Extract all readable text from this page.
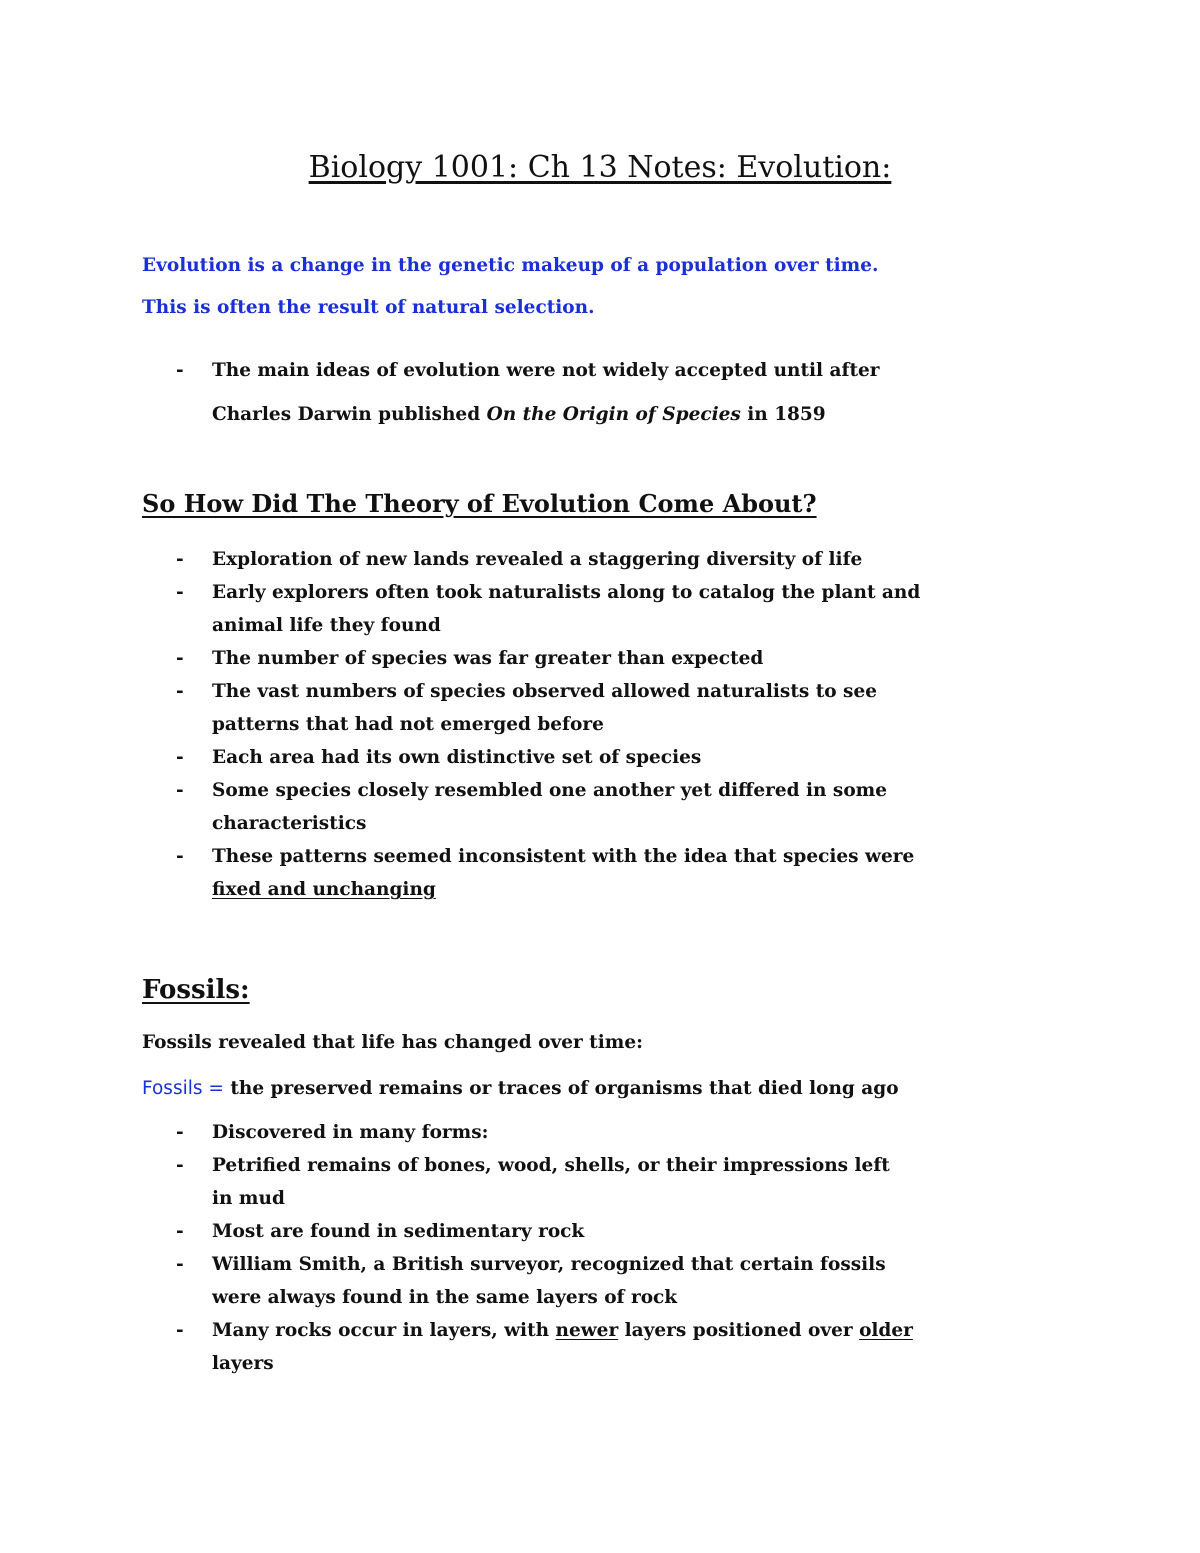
Biology 1001: Ch 13 Notes: Evolution:

Evolution is a change in the genetic makeup of a population over time.

This is often the result of natural selection.

- The main ideas of evolution were not widely accepted until after
Charles Darwin published On the Origin of Species in 1859
So How Did The Theory of Evolution Come About?
- Exploration of new lands revealed a staggering diversity of life
- Early explorers often took naturalists along to catalog the plant and
animal life they found
- The number of species was far greater than expected
- The vast numbers of species observed allowed naturalists to see
patterns that had not emerged before
- Each area had its own distinctive set of species
- Some species closely resembled one another yet differed in some
characteristics
- These patterns seemed inconsistent with the idea that species were
fixed and unchanging
Fossils:

Fossils revealed that life has changed over time:

Fossils = the preserved remains or traces of organisms that died long ago

- Discovered in many forms:
- Petrified remains of bones, wood, shells, or their impressions left
in mud
- Most are found in sedimentary rock
- William Smith, a British surveyor, recognized that certain fossils
were always found in the same layers of rock
- Many rocks occur in layers, with newer layers positioned over older
layers
